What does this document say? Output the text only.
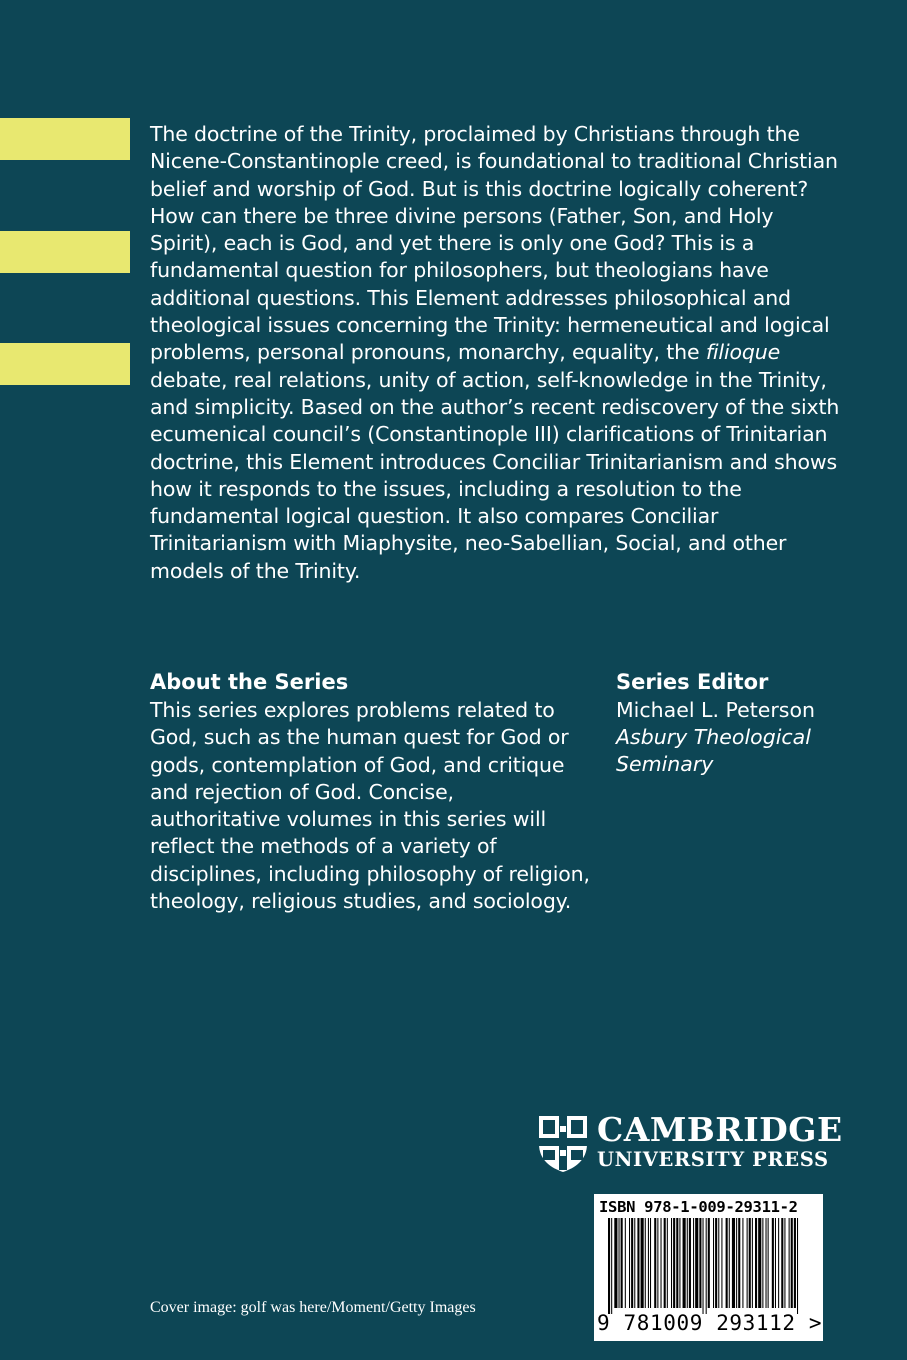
The doctrine of the Trinity, proclaimed by Christians through the Nicene-Constantinople creed, is foundational to traditional Christian belief and worship of God. But is this doctrine logically coherent? How can there be three divine persons (Father, Son, and Holy Spirit), each is God, and yet there is only one God? This is a fundamental question for philosophers, but theologians have additional questions. This Element addresses philosophical and theological issues concerning the Trinity: hermeneutical and logical problems, personal pronouns, monarchy, equality, the filioque debate, real relations, unity of action, self-knowledge in the Trinity, and simplicity. Based on the author’s recent rediscovery of the sixth ecumenical council’s (Constantinople III) clarifications of Trinitarian doctrine, this Element introduces Conciliar Trinitarianism and shows how it responds to the issues, including a resolution to the fundamental logical question. It also compares Conciliar Trinitarianism with Miaphysite, neo-Sabellian, Social, and other models of the Trinity.

About the Series

This series explores problems related to God, such as the human quest for God or gods, contemplation of God, and critique and rejection of God. Concise, authoritative volumes in this series will reflect the methods of a variety of disciplines, including philosophy of religion, theology, religious studies, and sociology.

Series Editor

Michael L. Peterson

Asbury Theological Seminary

CAMBRIDGE
UNIVERSITY PRESS
ISBN 978-1-009-29311-2
9 781009 293112 >

Cover image: golf was here/Moment/Getty Images
